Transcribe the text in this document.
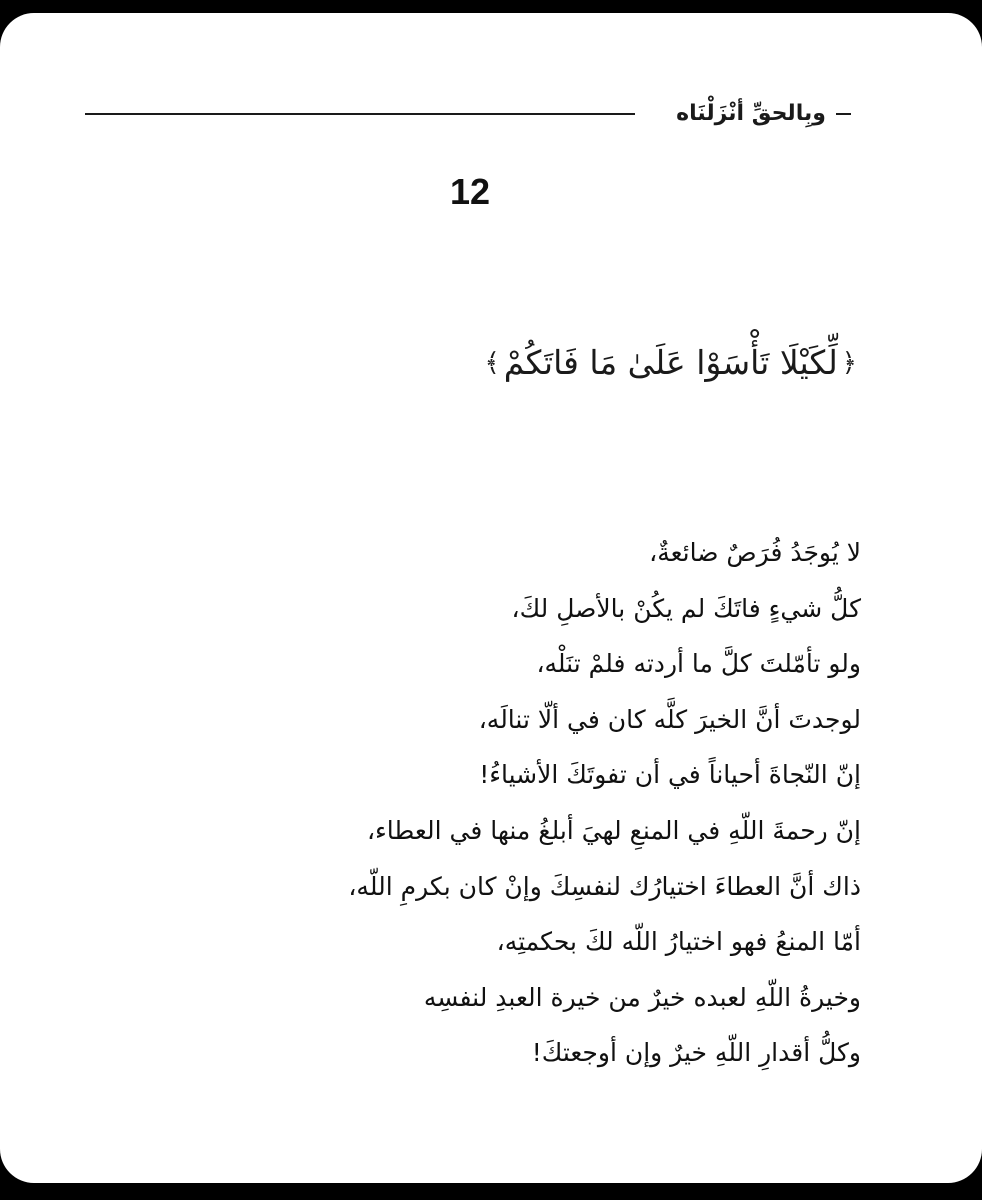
وبِالحقِّ أنْزَلْنَاه
12
﴿
لِّكَيْلَا تَأْسَوْا عَلَىٰ مَا فَاتَكُمْ
﴾
لا يُوجَدُ فُرَصٌ ضائعةٌ،
كلُّ شيءٍ فاتَكَ لم يكُنْ بالأصلِ لكَ،
ولو تأمّلتَ كلَّ ما أردته فلمْ تنَلْه،
لوجدتَ أنَّ الخيرَ كلَّه كان في ألّا تنالَه،
إنّ النّجاةَ أحياناً في أن تفوتَكَ الأشياءُ!
إنّ رحمةَ اللّهِ في المنعِ لهيَ أبلغُ منها في العطاء،
ذاك أنَّ العطاءَ اختيارُك لنفسِكَ وإنْ كان بكرمِ اللّه،
أمّا المنعُ فهو اختيارُ اللّه لكَ بحكمتِه،
وخيرةُ اللّهِ لعبده خيرٌ من خيرة العبدِ لنفسِه
وكلُّ أقدارِ اللّهِ خيرٌ وإن أوجعتكَ!
